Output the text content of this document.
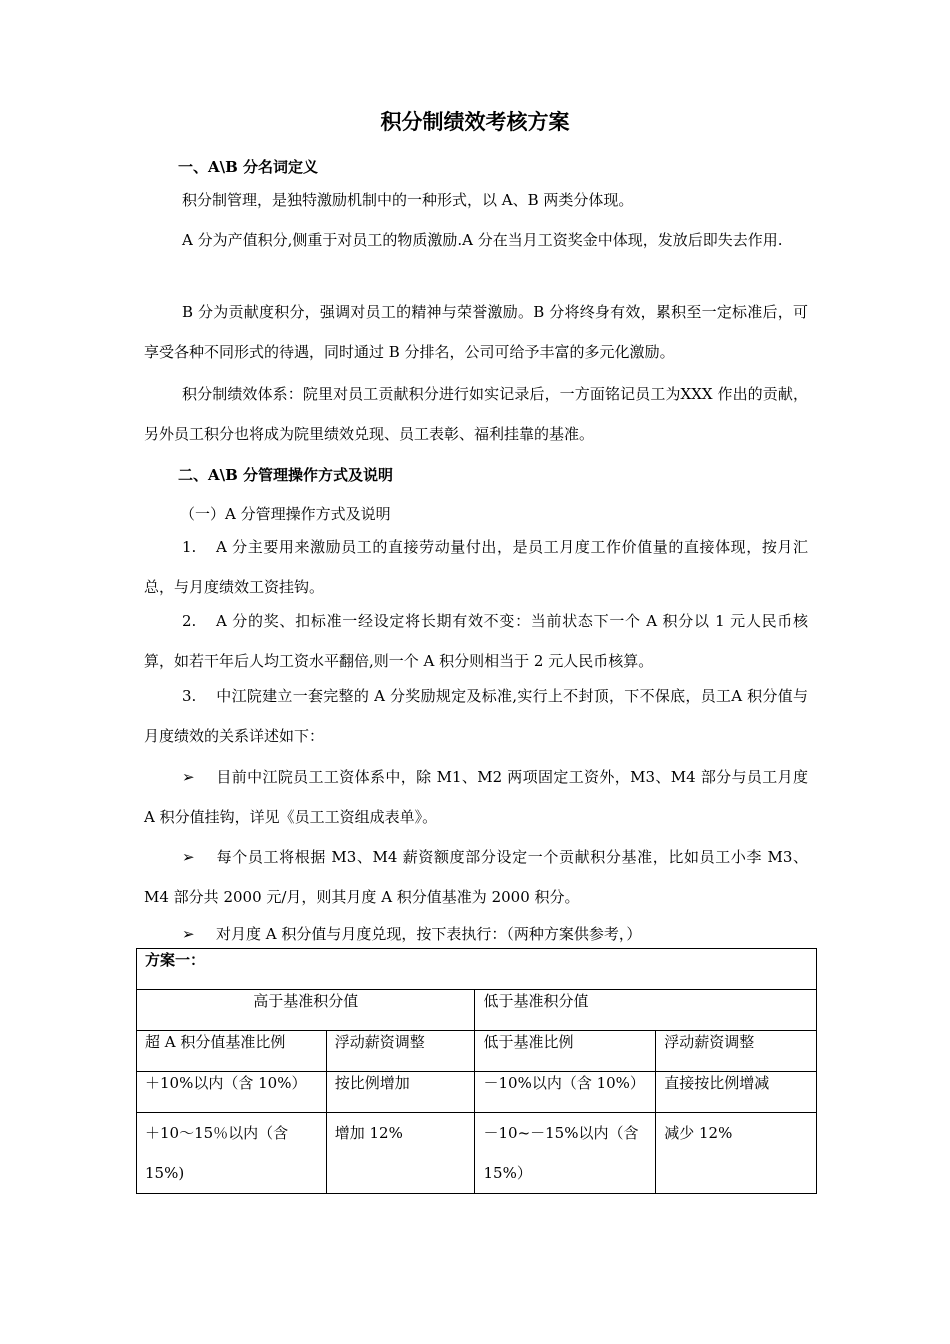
积分制绩效考核方案
一、A\B 分名词定义
积分制管理，是独特激励机制中的一种形式，以 A、B 两类分体现。
A 分为产值积分,侧重于对员工的物质激励.A 分在当月工资奖金中体现，发放后即失去作用.
B 分为贡献度积分，强调对员工的精神与荣誉激励。B 分将终身有效，累积至一定标准后，可享受各种不同形式的待遇，同时通过 B 分排名，公司可给予丰富的多元化激励。
积分制绩效体系：院里对员工贡献积分进行如实记录后，一方面铭记员工为XXX 作出的贡献，另外员工积分也将成为院里绩效兑现、员工表彰、福利挂靠的基准。
二、A\B 分管理操作方式及说明
（一）A 分管理操作方式及说明
1. A 分主要用来激励员工的直接劳动量付出，是员工月度工作价值量的直接体现，按月汇总，与月度绩效工资挂钩。
2. A 分的奖、扣标准一经设定将长期有效不变：当前状态下一个 A 积分以 1 元人民币核算，如若干年后人均工资水平翻倍,则一个 A 积分则相当于 2 元人民币核算。
3. 中江院建立一套完整的 A 分奖励规定及标准,实行上不封顶，下不保底，员工A 积分值与月度绩效的关系详述如下：
➢ 目前中江院员工工资体系中，除 M1、M2 两项固定工资外，M3、M4 部分与员工月度 A 积分值挂钩，详见《员工工资组成表单》。
➢ 每个员工将根据 M3、M4 薪资额度部分设定一个贡献积分基准，比如员工小李 M3、M4 部分共 2000 元/月，则其月度 A 积分值基准为 2000 积分。
➢ 对月度 A 积分值与月度兑现，按下表执行：（两种方案供参考，）
方案一：			
高于基准积分值		低于基准积分值	
超 A 积分值基准比例	浮动薪资调整	低于基准比例	浮动薪资调整
＋10%以内（含 10%）	按比例增加	－10%以内（含 10%）	直接按比例增减
＋10～15％以内（含 15%)	增加 12%	－10~－15%以内（含 15%）	减少 12%
